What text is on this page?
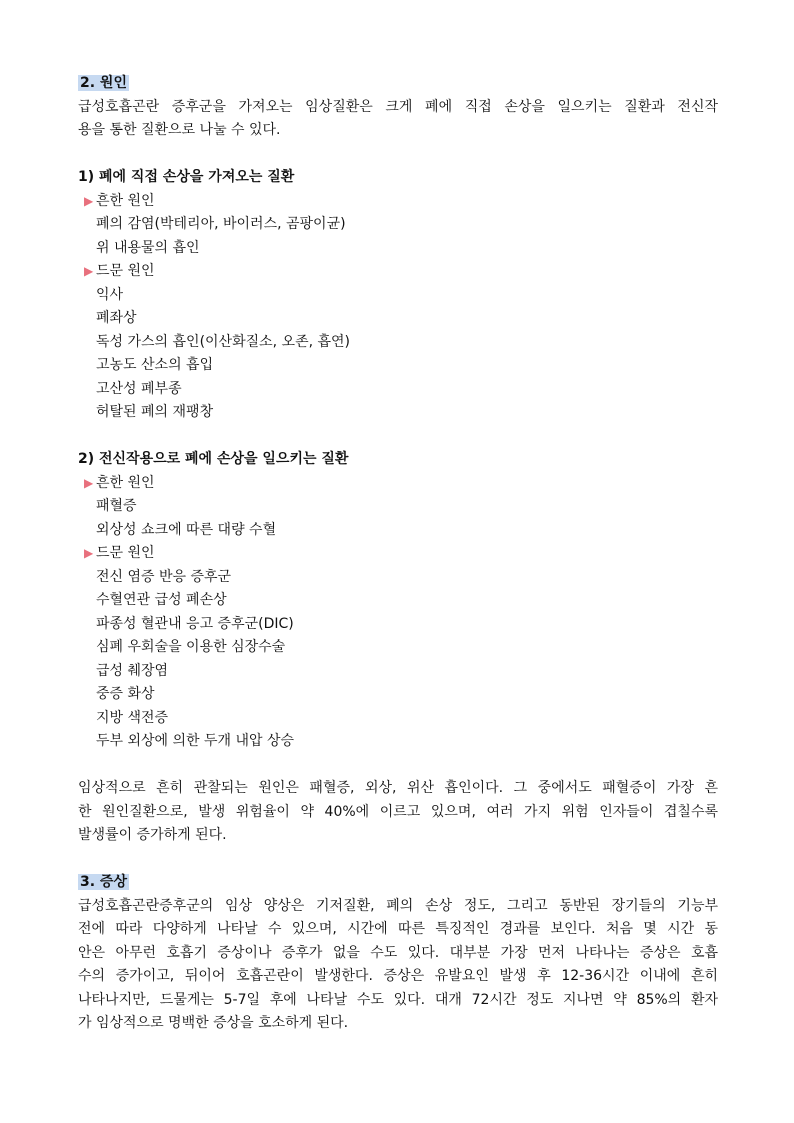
2. 원인
급성호흡곤란 증후군을 가져오는 임상질환은 크게 폐에 직접 손상을 일으키는 질환과 전신작
용을 통한 질환으로 나눌 수 있다.
1) 폐에 직접 손상을 가져오는 질환
▶ 흔한 원인
폐의 감염(박테리아, 바이러스, 곰팡이균)
위 내용물의 흡인
▶ 드문 원인
익사
폐좌상
독성 가스의 흡인(이산화질소, 오존, 흡연)
고농도 산소의 흡입
고산성 폐부종
허탈된 폐의 재팽창
2) 전신작용으로 폐에 손상을 일으키는 질환
▶ 흔한 원인
패혈증
외상성 쇼크에 따른 대량 수혈
▶ 드문 원인
전신 염증 반응 증후군
수혈연관 급성 폐손상
파종성 혈관내 응고 증후군(DIC)
심폐 우회술을 이용한 심장수술
급성 췌장염
중증 화상
지방 색전증
두부 외상에 의한 두개 내압 상승
임상적으로 흔히 관찰되는 원인은 패혈증, 외상, 위산 흡인이다. 그 중에서도 패혈증이 가장 흔
한 원인질환으로, 발생 위험율이 약 40%에 이르고 있으며, 여러 가지 위험 인자들이 겹칠수록
발생률이 증가하게 된다.
3. 증상
급성호흡곤란증후군의 임상 양상은 기저질환, 폐의 손상 정도, 그리고 동반된 장기들의 기능부
전에 따라 다양하게 나타날 수 있으며, 시간에 따른 특징적인 경과를 보인다. 처음 몇 시간 동
안은 아무런 호흡기 증상이나 증후가 없을 수도 있다. 대부분 가장 먼저 나타나는 증상은 호흡
수의 증가이고, 뒤이어 호흡곤란이 발생한다. 증상은 유발요인 발생 후 12-36시간 이내에 흔히
나타나지만, 드물게는 5-7일 후에 나타날 수도 있다. 대개 72시간 정도 지나면 약 85%의 환자
가 임상적으로 명백한 증상을 호소하게 된다.
